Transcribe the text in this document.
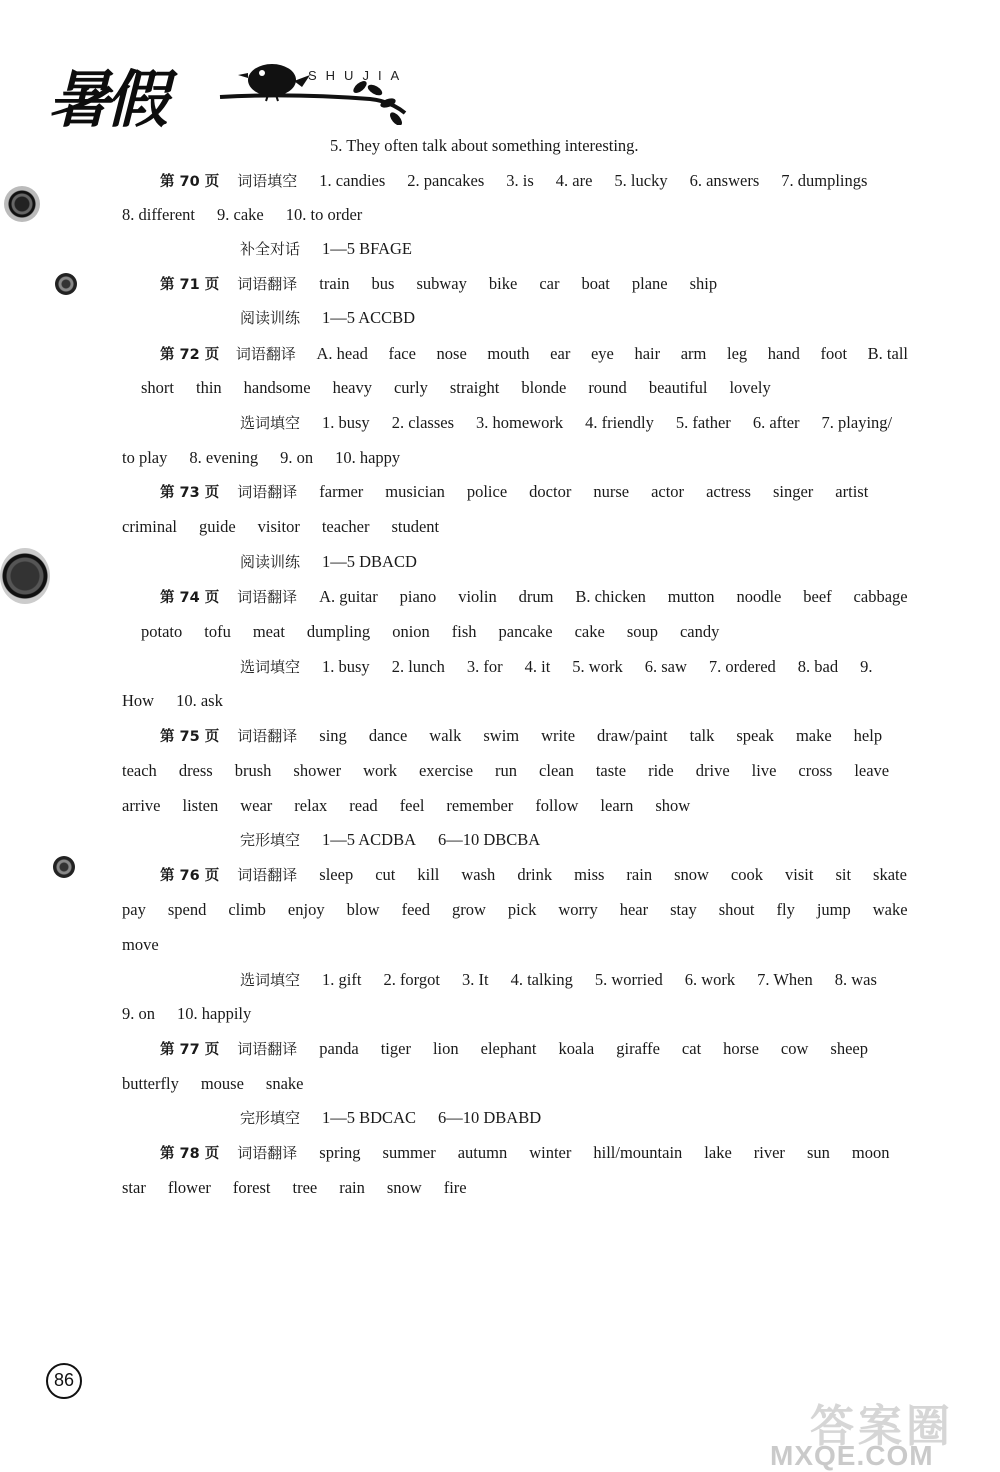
暑假	SHUJIA
5. They often talk about something interesting.
第 70 页 词语填空 1. candies 2. pancakes 3. is 4. are 5. lucky 6. answers 7. dumplings
8. different 9. cake 10. to order
补全对话 1—5 BFAGE
第 71 页 词语翻译 train bus subway bike car boat plane ship
阅读训练 1—5 ACCBD
第 72 页 词语翻译 A. head face nose mouth ear eye hair arm leg hand foot B. tall
short thin handsome heavy curly straight blonde round beautiful lovely
选词填空 1. busy 2. classes 3. homework 4. friendly 5. father 6. after 7. playing/
to play 8. evening 9. on 10. happy
第 73 页 词语翻译 farmer musician police doctor nurse actor actress singer artist
criminal guide visitor teacher student
阅读训练 1—5 DBACD
第 74 页 词语翻译 A. guitar piano violin drum B. chicken mutton noodle beef cabbage
potato tofu meat dumpling onion fish pancake cake soup candy
选词填空 1. busy 2. lunch 3. for 4. it 5. work 6. saw 7. ordered 8. bad 9.
How 10. ask
第 75 页 词语翻译 sing dance walk swim write draw/paint talk speak make help
teach dress brush shower work exercise run clean taste ride drive live cross leave
arrive listen wear relax read feel remember follow learn show
完形填空 1—5 ACDBA 6—10 DBCBA
第 76 页 词语翻译 sleep cut kill wash drink miss rain snow cook visit sit skate
pay spend climb enjoy blow feed grow pick worry hear stay shout fly jump wake
move
选词填空 1. gift 2. forgot 3. It 4. talking 5. worried 6. work 7. When 8. was
9. on 10. happily
第 77 页 词语翻译 panda tiger lion elephant koala giraffe cat horse cow sheep
butterfly mouse snake
完形填空 1—5 BDCAC 6—10 DBABD
第 78 页 词语翻译 spring summer autumn winter hill/mountain lake river sun moon
star flower forest tree rain snow fire
86
答案圈
MXQE.COM
